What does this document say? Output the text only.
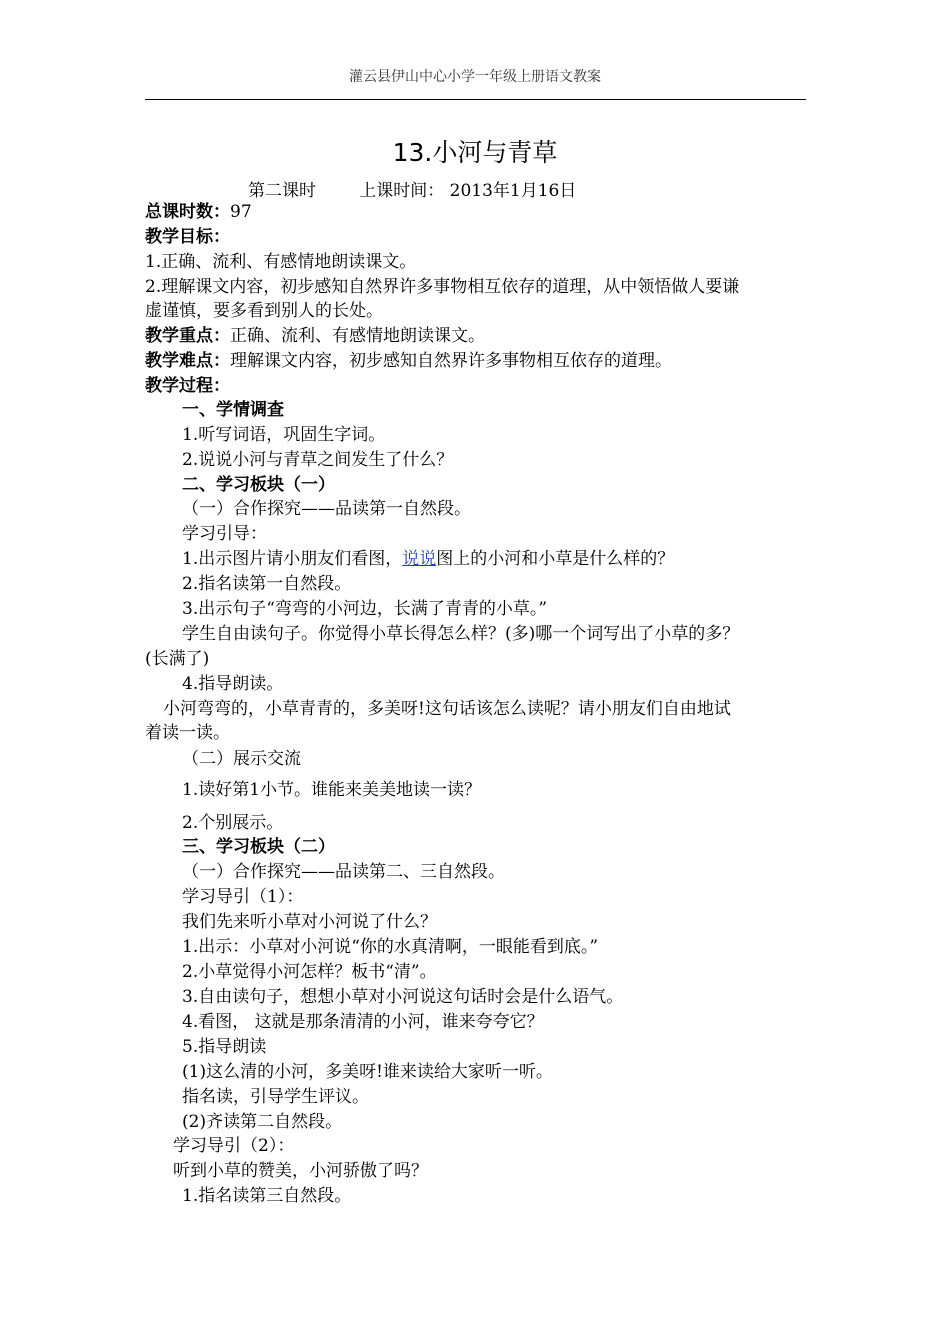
灌云县伊山中心小学一年级上册语文教案
13.小河与青草
第二课时        上课时间： 2013年1月16日
总课时数：97
教学目标：
1.正确、流利、有感情地朗读课文。
2.理解课文内容，初步感知自然界许多事物相互依存的道理，从中领悟做人要谦
虚谨慎，要多看到别人的长处。
教学重点：正确、流利、有感情地朗读课文。
教学难点：理解课文内容，初步感知自然界许多事物相互依存的道理。
教学过程：
一、学情调查
1.听写词语，巩固生字词。
2.说说小河与青草之间发生了什么？
二、学习板块（一）
（一）合作探究——品读第一自然段。
学习引导：
1.出示图片请小朋友们看图，说说图上的小河和小草是什么样的？
2.指名读第一自然段。
3.出示句子“弯弯的小河边，长满了青青的小草。”
学生自由读句子。你觉得小草长得怎么样？(多)哪一个词写出了小草的多？
(长满了)
4.指导朗读。
小河弯弯的，小草青青的，多美呀!这句话该怎么读呢？请小朋友们自由地试
着读一读。
（二）展示交流
1.读好第1小节。谁能来美美地读一读？
2.个别展示。
三、学习板块（二）
（一）合作探究——品读第二、三自然段。
学习导引（1）：
我们先来听小草对小河说了什么？
1.出示：小草对小河说“你的水真清啊，一眼能看到底。”
2.小草觉得小河怎样？板书“清”。
3.自由读句子，想想小草对小河说这句话时会是什么语气。
4.看图， 这就是那条清清的小河，谁来夸夸它？
5.指导朗读
(1)这么清的小河，多美呀!谁来读给大家听一听。
指名读，引导学生评议。
(2)齐读第二自然段。
学习导引（2）：
听到小草的赞美，小河骄傲了吗？
1.指名读第三自然段。
